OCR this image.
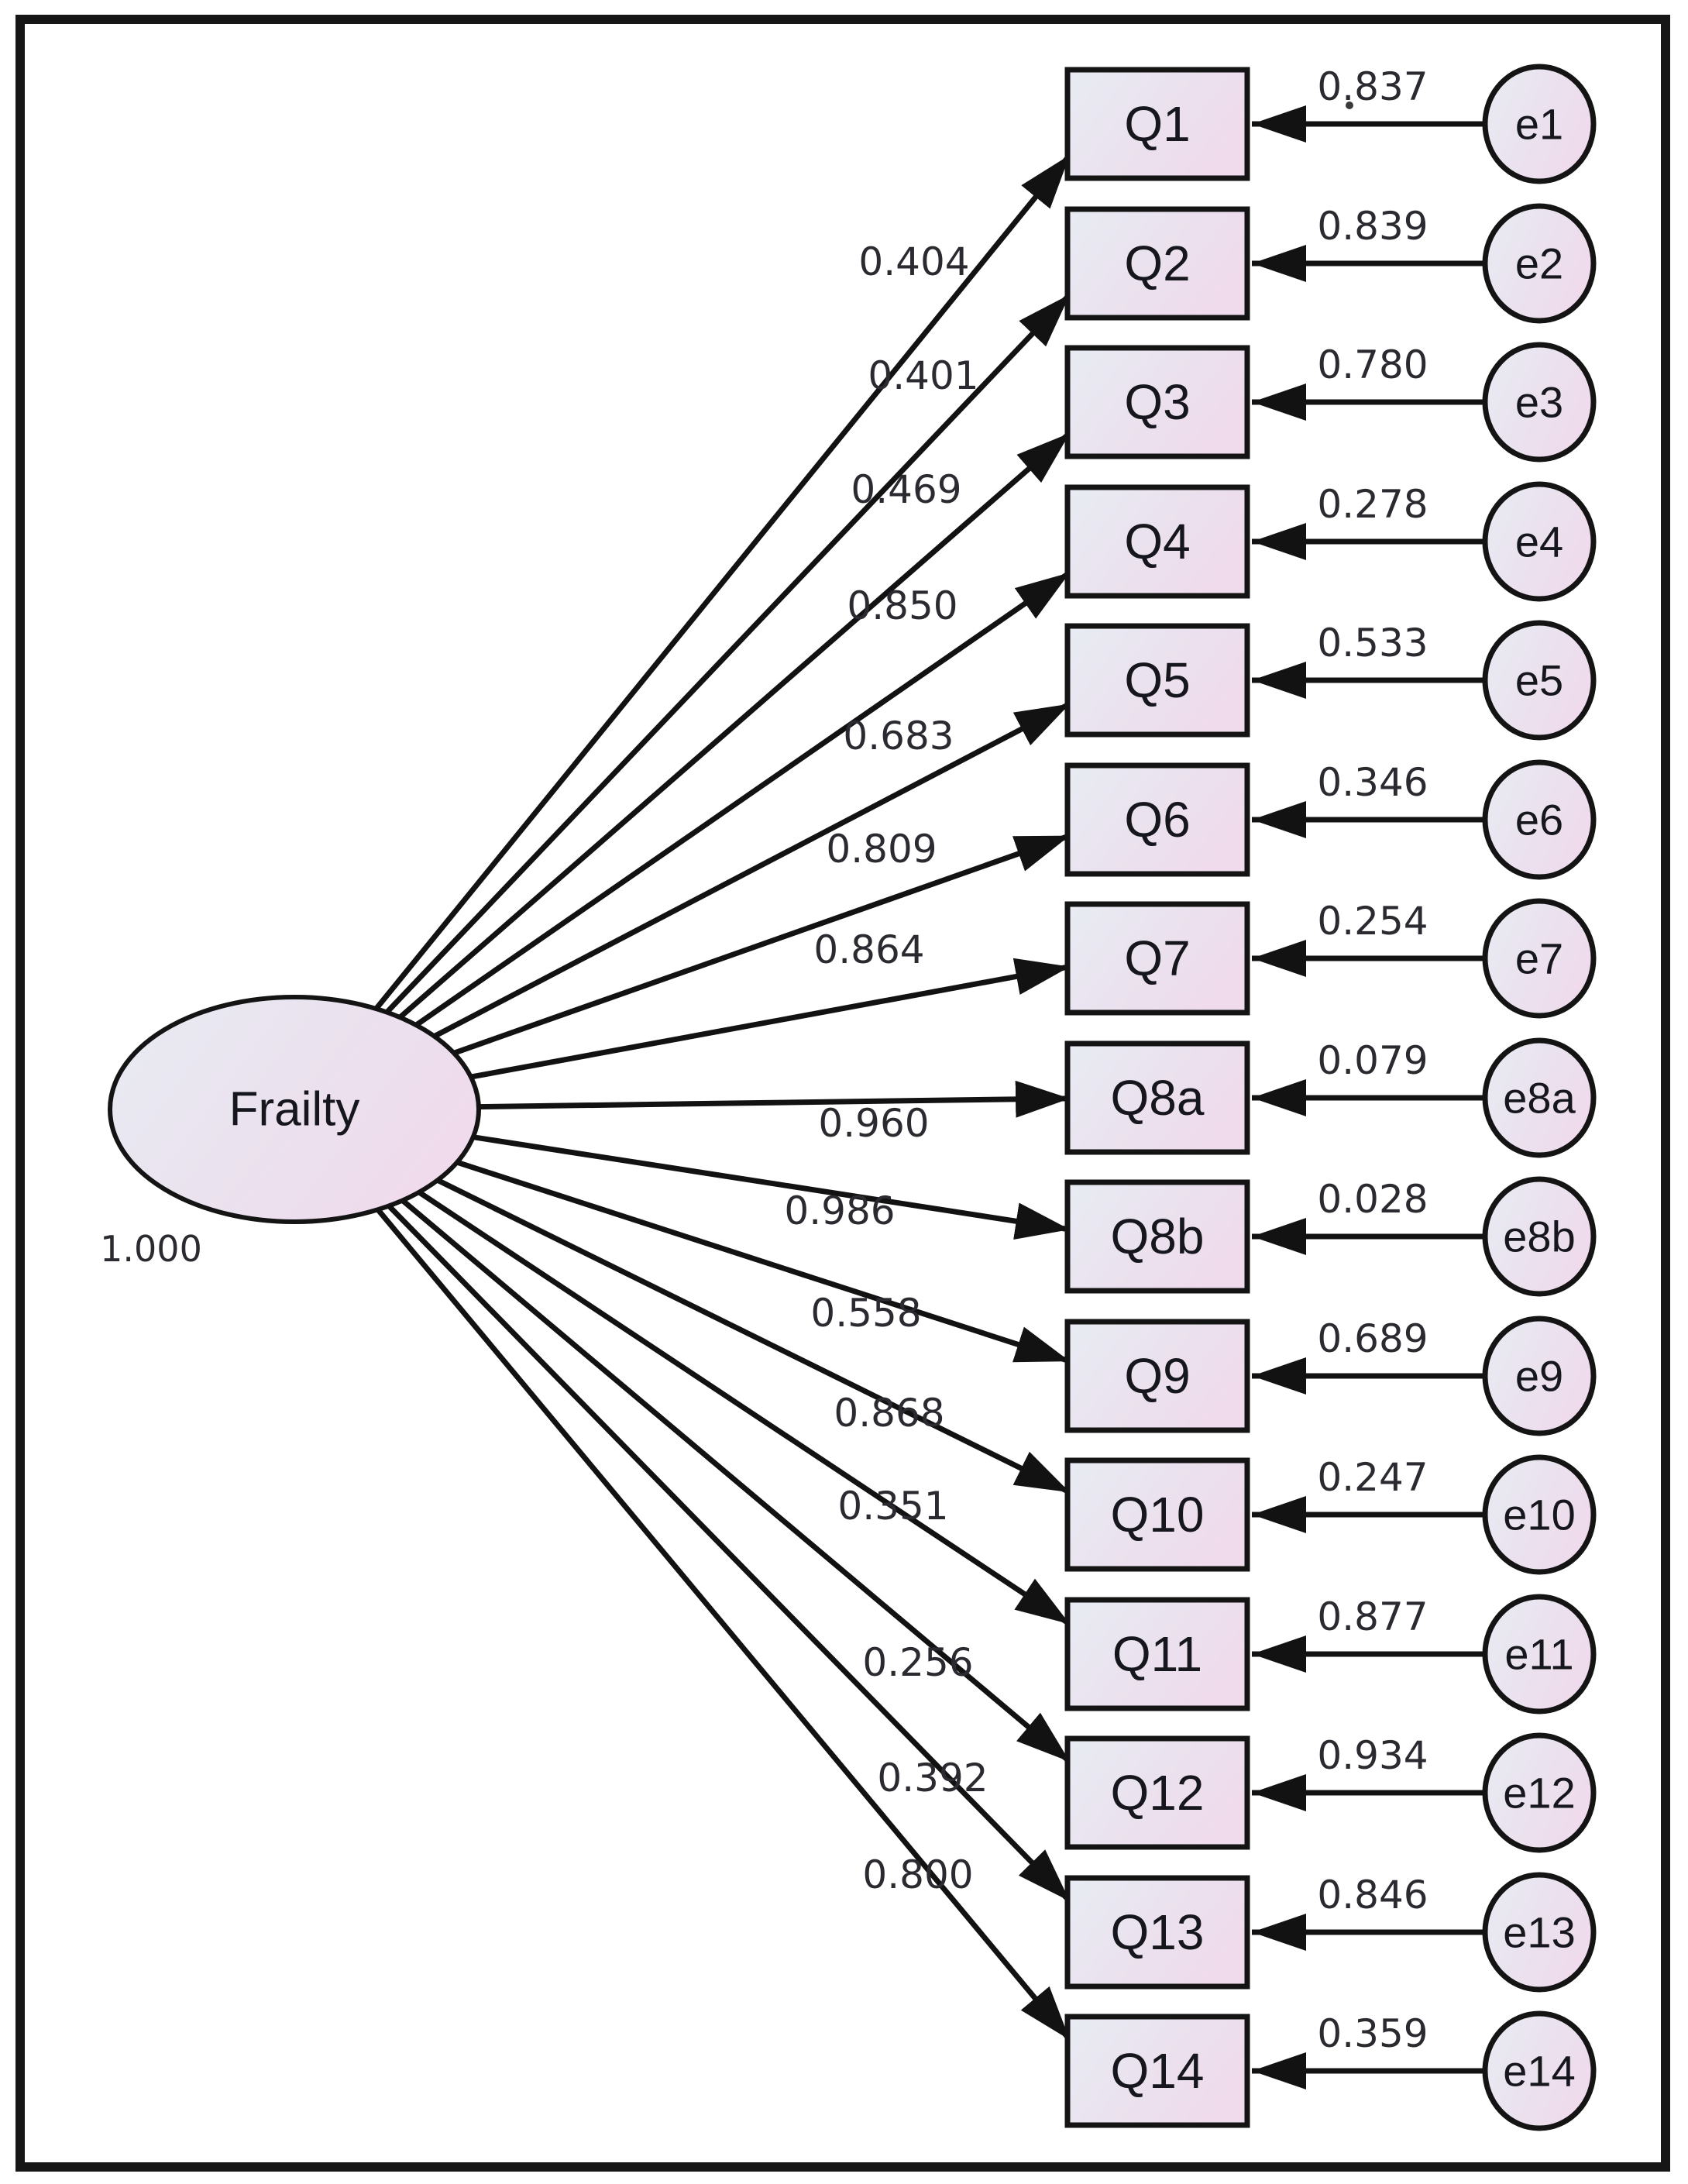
Frailty
1.000
0.404
0.837
Q1	e1
0.401
0.839
Q2	e2
0.469
0.780
Q3	e3
0.850
0.278
Q4	e4
0.683
0.533
Q5	e5
0.809
0.346
Q6	e6
0.864
0.254
Q7	e7
0.960
0.079
Q8a	e8a
0.986	0.028
Q8b	e8b
0.558
0.689
Q9	e9
0.868
0.247
Q10	e10
0.351
0.877
Q11	e11
0.256
0.934
Q12	e12
0.392
0.846
Q13	e13
0.800
0.359
Q14	e14
